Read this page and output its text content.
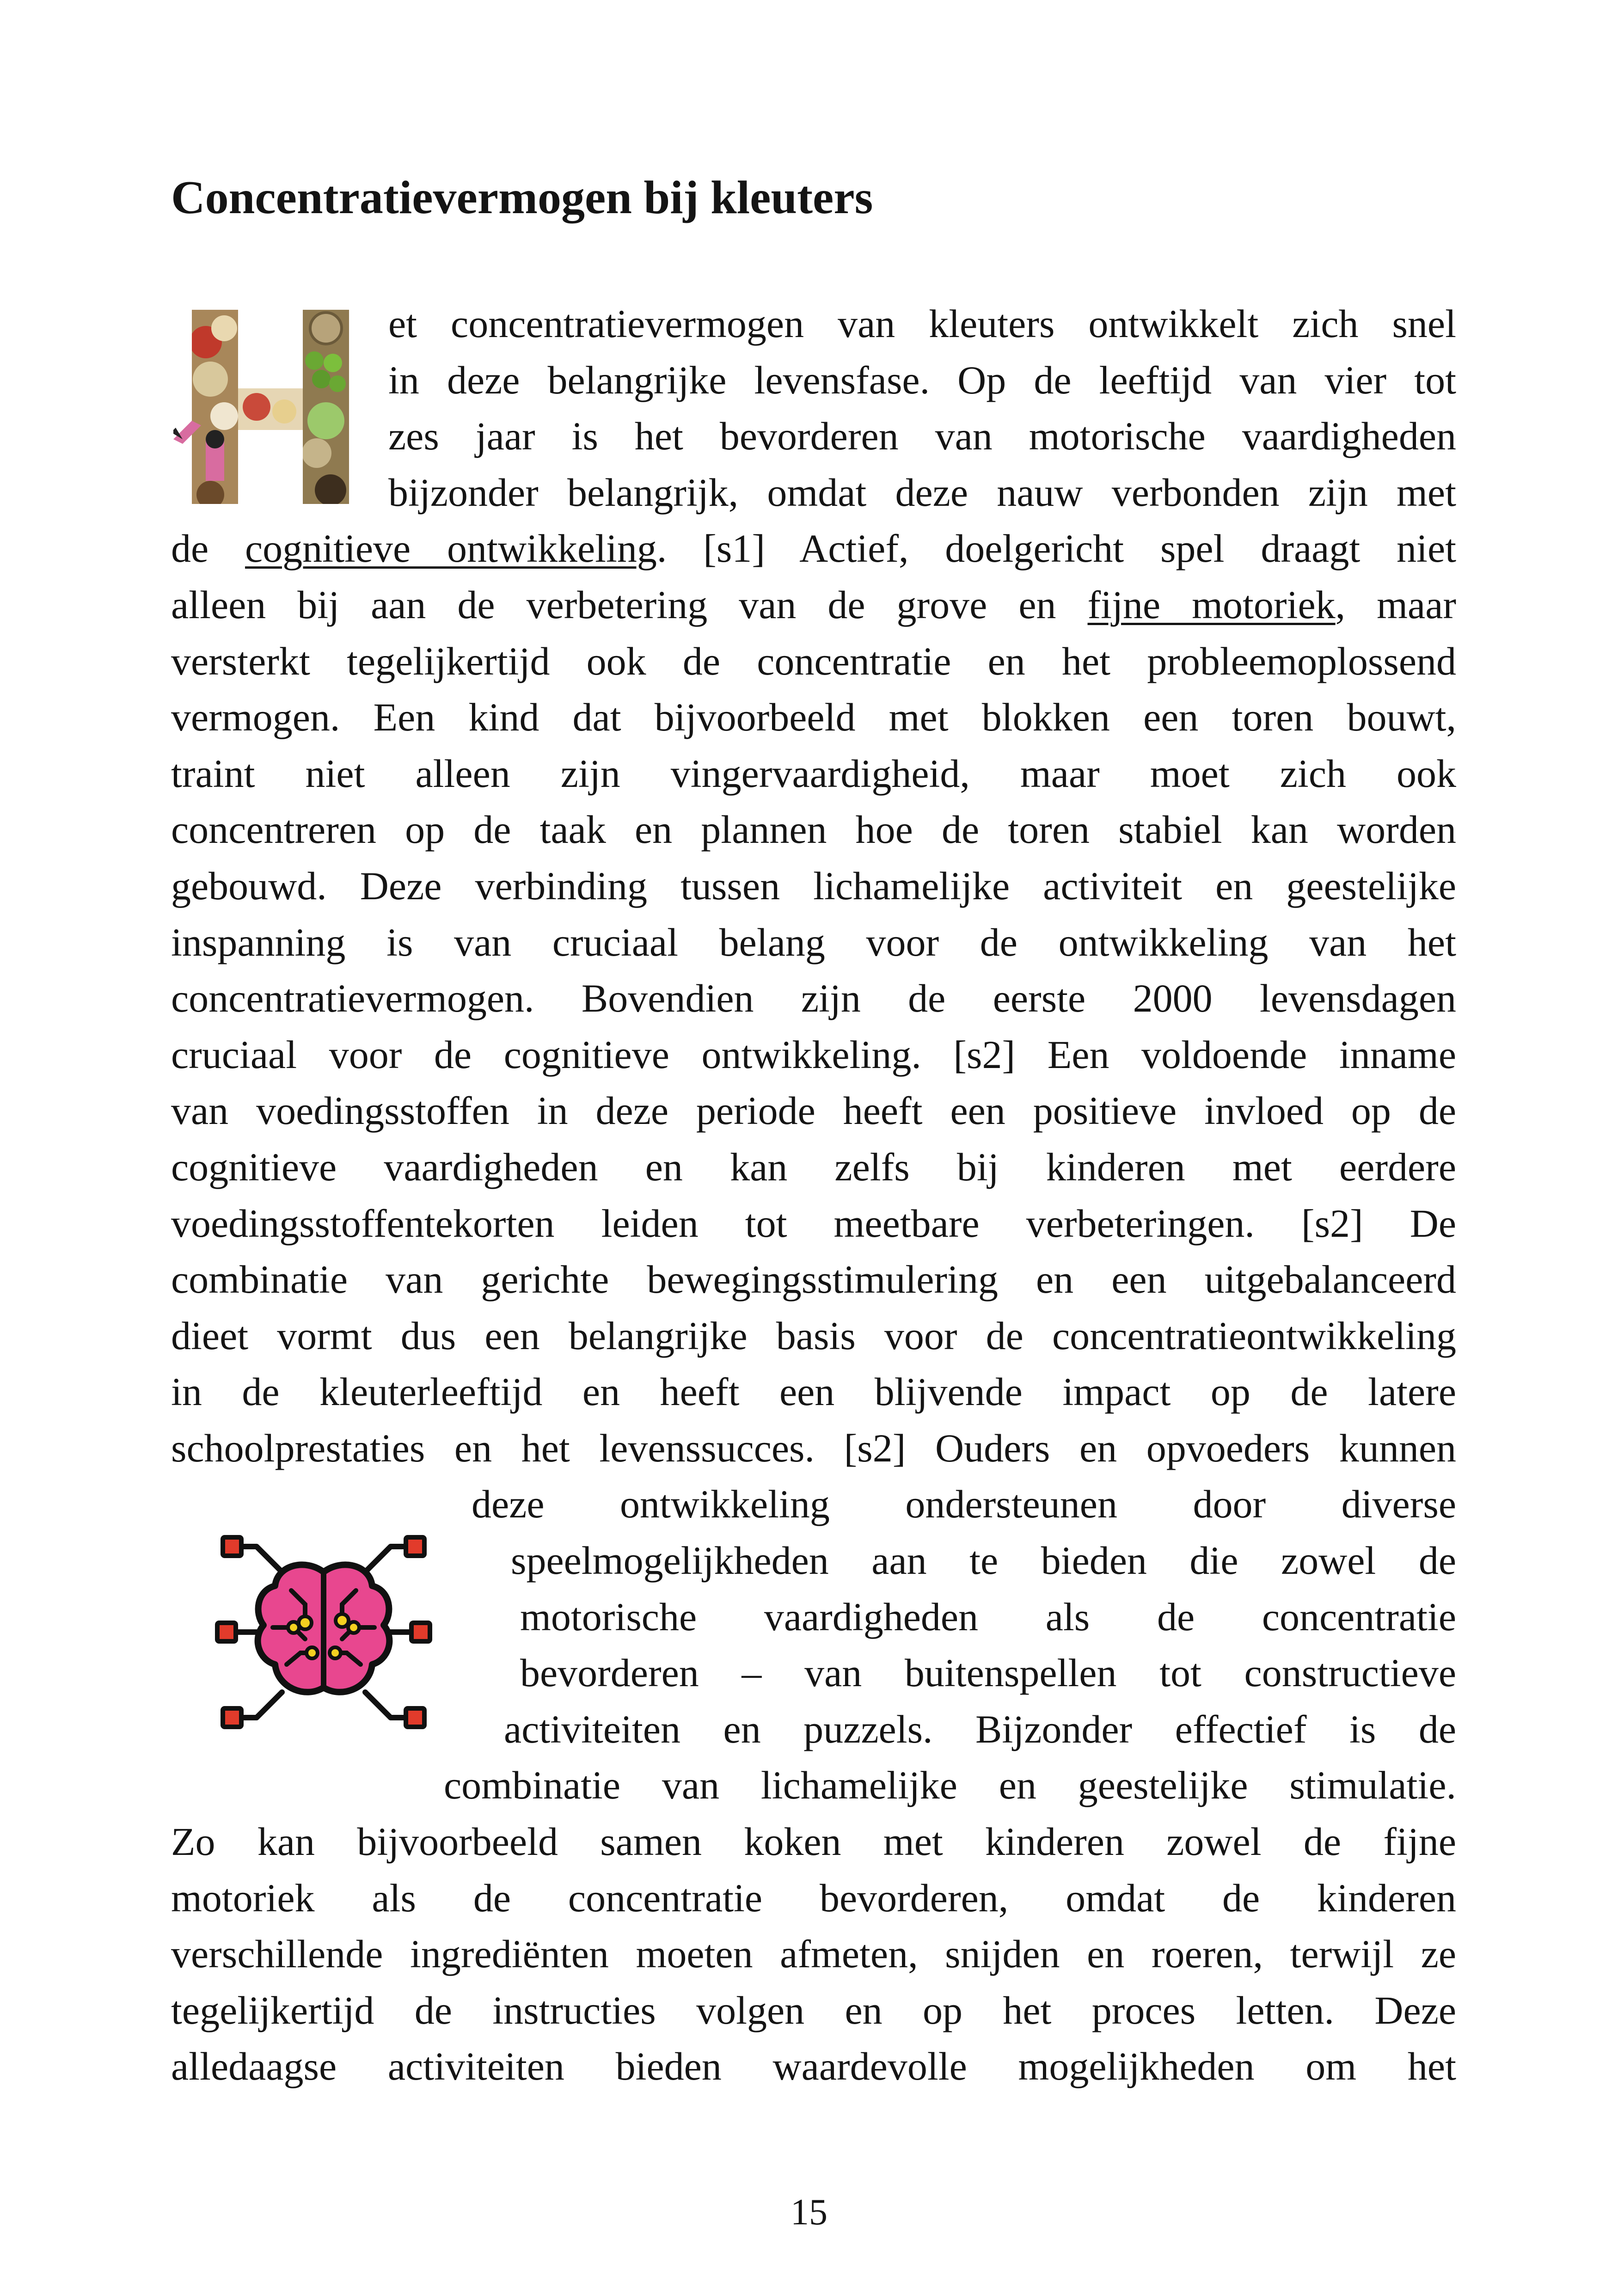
Concentratievermogen bij kleuters
et concentratievermogen van kleuters ontwikkelt zich snel
in deze belangrijke levensfase. Op de leeftijd van vier tot
zes jaar is het bevorderen van motorische vaardigheden
bijzonder belangrijk, omdat deze nauw verbonden zijn met
de cognitieve ontwikkeling. [s1] Actief, doelgericht spel draagt niet
alleen bij aan de verbetering van de grove en fijne motoriek, maar
versterkt tegelijkertijd ook de concentratie en het probleemoplossend
vermogen. Een kind dat bijvoorbeeld met blokken een toren bouwt,
traint niet alleen zijn vingervaardigheid, maar moet zich ook
concentreren op de taak en plannen hoe de toren stabiel kan worden
gebouwd. Deze verbinding tussen lichamelijke activiteit en geestelijke
inspanning is van cruciaal belang voor de ontwikkeling van het
concentratievermogen. Bovendien zijn de eerste 2000 levensdagen
cruciaal voor de cognitieve ontwikkeling. [s2] Een voldoende inname
van voedingsstoffen in deze periode heeft een positieve invloed op de
cognitieve vaardigheden en kan zelfs bij kinderen met eerdere
voedingsstoffentekorten leiden tot meetbare verbeteringen. [s2] De
combinatie van gerichte bewegingsstimulering en een uitgebalanceerd
dieet vormt dus een belangrijke basis voor de concentratieontwikkeling
in de kleuterleeftijd en heeft een blijvende impact op de latere
schoolprestaties en het levenssucces. [s2] Ouders en opvoeders kunnen
deze ontwikkeling ondersteunen door diverse
speelmogelijkheden aan te bieden die zowel de
motorische vaardigheden als de concentratie
bevorderen – van buitenspellen tot constructieve
activiteiten en puzzels. Bijzonder effectief is de
combinatie van lichamelijke en geestelijke stimulatie.
Zo kan bijvoorbeeld samen koken met kinderen zowel de fijne
motoriek als de concentratie bevorderen, omdat de kinderen
verschillende ingrediënten moeten afmeten, snijden en roeren, terwijl ze
tegelijkertijd de instructies volgen en op het proces letten. Deze
alledaagse activiteiten bieden waardevolle mogelijkheden om het
15
